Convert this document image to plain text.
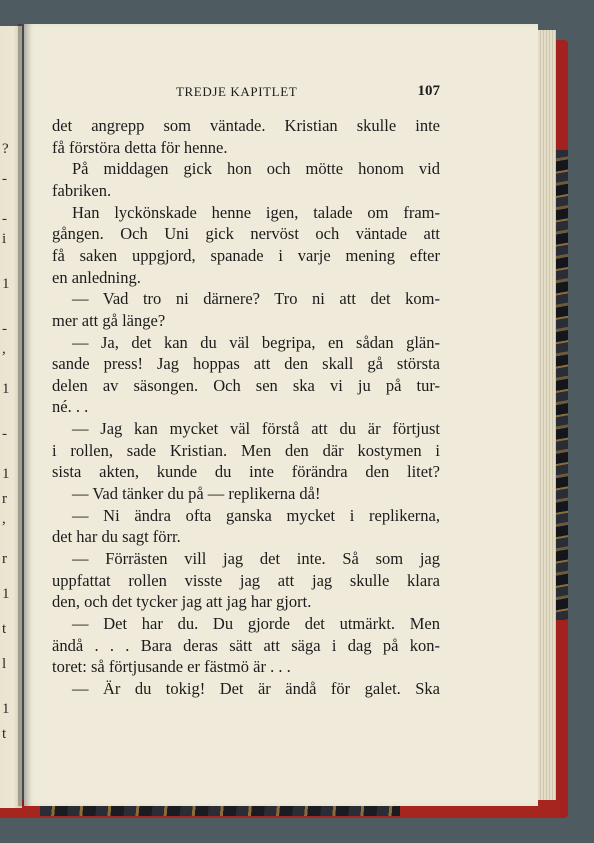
?
-
-
i
1
-
,
1
-
1
r
,
r
1
t
l
1
t
TREDJE KAPITLET	107
det angrepp som väntade. Kristian skulle inte
få förstöra detta för henne.
På middagen gick hon och mötte honom vid
fabriken.
Han lyckönskade henne igen, talade om fram-
gången. Och Uni gick nervöst och väntade att
få saken uppgjord, spanade i varje mening efter
en anledning.
— Vad tro ni därnere? Tro ni att det kom-
mer att gå länge?
— Ja, det kan du väl begripa, en sådan glän-
sande press! Jag hoppas att den skall gå största
delen av säsongen. Och sen ska vi ju på tur-
né. . .
— Jag kan mycket väl förstå att du är förtjust
i rollen, sade Kristian. Men den där kostymen i
sista akten, kunde du inte förändra den litet?
— Vad tänker du på — replikerna då!
— Ni ändra ofta ganska mycket i replikerna,
det har du sagt förr.
— Förrästen vill jag det inte. Så som jag
uppfattat rollen visste jag att jag skulle klara
den, och det tycker jag att jag har gjort.
— Det har du. Du gjorde det utmärkt. Men
ändå . . . Bara deras sätt att säga i dag på kon-
toret: så förtjusande er fästmö är . . .
— Är du tokig! Det är ändå för galet. Ska
